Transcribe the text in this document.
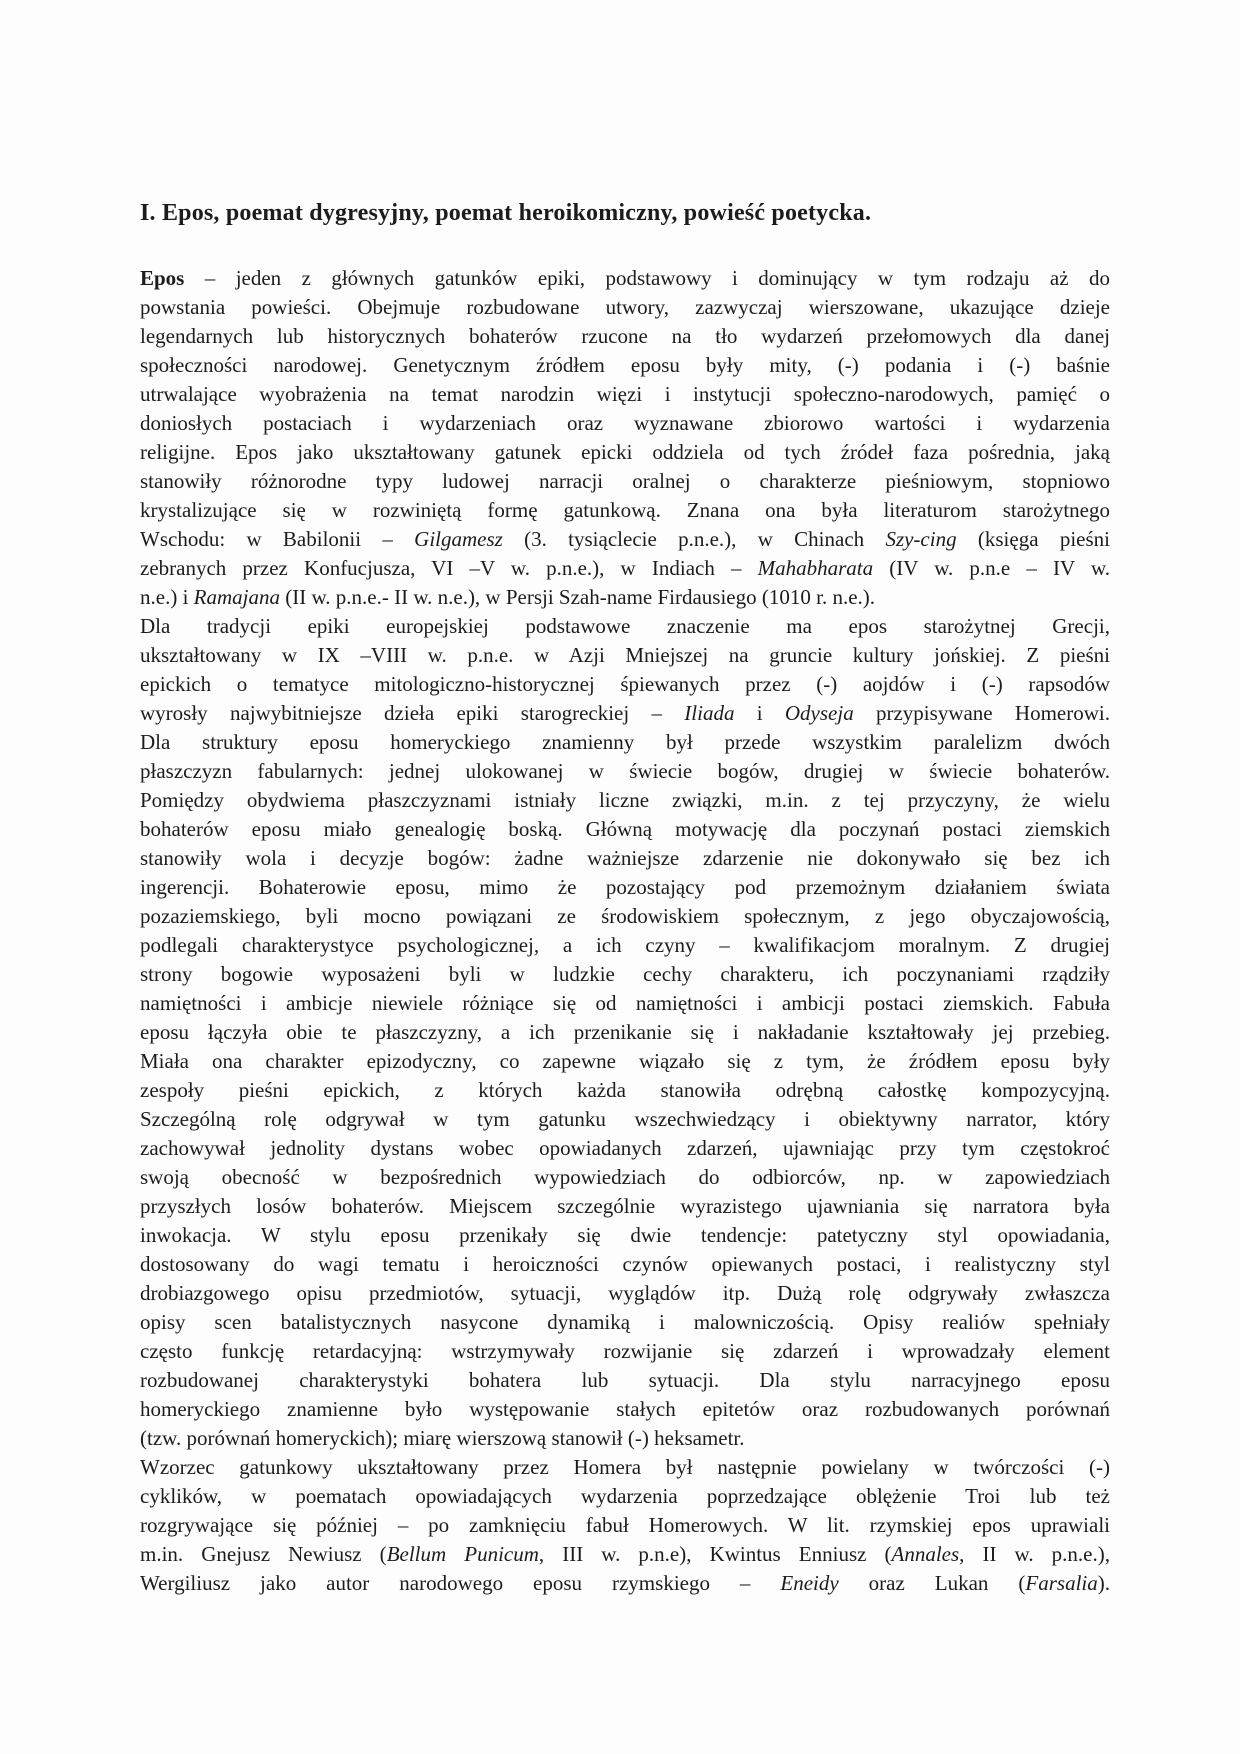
I. Epos, poemat dygresyjny, poemat heroikomiczny, powieść poetycka.
Epos – jeden z głównych gatunków epiki, podstawowy i dominujący w tym rodzaju aż do
powstania powieści. Obejmuje rozbudowane utwory, zazwyczaj wierszowane, ukazujące dzieje
legendarnych lub historycznych bohaterów rzucone na tło wydarzeń przełomowych dla danej
społeczności narodowej. Genetycznym źródłem eposu były mity, (-) podania i (-) baśnie
utrwalające wyobrażenia na temat narodzin więzi i instytucji społeczno-narodowych, pamięć o
doniosłych postaciach i wydarzeniach oraz wyznawane zbiorowo wartości i wydarzenia
religijne. Epos jako ukształtowany gatunek epicki oddziela od tych źródeł faza pośrednia, jaką
stanowiły różnorodne typy ludowej narracji oralnej o charakterze pieśniowym, stopniowo
krystalizujące się w rozwiniętą formę gatunkową. Znana ona była literaturom starożytnego
Wschodu: w Babilonii – Gilgamesz (3. tysiąclecie p.n.e.), w Chinach Szy-cing (księga pieśni
zebranych przez Konfucjusza, VI –V w. p.n.e.), w Indiach – Mahabharata (IV w. p.n.e – IV w.
n.e.) i Ramajana (II w. p.n.e.- II w. n.e.), w Persji Szah-name Firdausiego (1010 r. n.e.).
Dla tradycji epiki europejskiej podstawowe znaczenie ma epos starożytnej Grecji,
ukształtowany w IX –VIII w. p.n.e. w Azji Mniejszej na gruncie kultury jońskiej. Z pieśni
epickich o tematyce mitologiczno-historycznej śpiewanych przez (-) aojdów i (-) rapsodów
wyrosły najwybitniejsze dzieła epiki starogreckiej – Iliada i Odyseja przypisywane Homerowi.
Dla struktury eposu homeryckiego znamienny był przede wszystkim paralelizm dwóch
płaszczyzn fabularnych: jednej ulokowanej w świecie bogów, drugiej w świecie bohaterów.
Pomiędzy obydwiema płaszczyznami istniały liczne związki, m.in. z tej przyczyny, że wielu
bohaterów eposu miało genealogię boską. Główną motywację dla poczynań postaci ziemskich
stanowiły wola i decyzje bogów: żadne ważniejsze zdarzenie nie dokonywało się bez ich
ingerencji. Bohaterowie eposu, mimo że pozostający pod przemożnym działaniem świata
pozaziemskiego, byli mocno powiązani ze środowiskiem społecznym, z jego obyczajowością,
podlegali charakterystyce psychologicznej, a ich czyny – kwalifikacjom moralnym. Z drugiej
strony bogowie wyposażeni byli w ludzkie cechy charakteru, ich poczynaniami rządziły
namiętności i ambicje niewiele różniące się od namiętności i ambicji postaci ziemskich. Fabuła
eposu łączyła obie te płaszczyzny, a ich przenikanie się i nakładanie kształtowały jej przebieg.
Miała ona charakter epizodyczny, co zapewne wiązało się z tym, że źródłem eposu były
zespoły pieśni epickich, z których każda stanowiła odrębną całostkę kompozycyjną.
Szczególną rolę odgrywał w tym gatunku wszechwiedzący i obiektywny narrator, który
zachowywał jednolity dystans wobec opowiadanych zdarzeń, ujawniając przy tym częstokroć
swoją obecność w bezpośrednich wypowiedziach do odbiorców, np. w zapowiedziach
przyszłych losów bohaterów. Miejscem szczególnie wyrazistego ujawniania się narratora była
inwokacja. W stylu eposu przenikały się dwie tendencje: patetyczny styl opowiadania,
dostosowany do wagi tematu i heroiczności czynów opiewanych postaci, i realistyczny styl
drobiazgowego opisu przedmiotów, sytuacji, wyglądów itp. Dużą rolę odgrywały zwłaszcza
opisy scen batalistycznych nasycone dynamiką i malowniczością. Opisy realiów spełniały
często funkcję retardacyjną: wstrzymywały rozwijanie się zdarzeń i wprowadzały element
rozbudowanej charakterystyki bohatera lub sytuacji. Dla stylu narracyjnego eposu
homeryckiego znamienne było występowanie stałych epitetów oraz rozbudowanych porównań
(tzw. porównań homeryckich); miarę wierszową stanowił (-) heksametr.
Wzorzec gatunkowy ukształtowany przez Homera był następnie powielany w twórczości (-)
cyklików, w poematach opowiadających wydarzenia poprzedzające oblężenie Troi lub też
rozgrywające się później – po zamknięciu fabuł Homerowych. W lit. rzymskiej epos uprawiali
m.in. Gnejusz Newiusz (Bellum Punicum, III w. p.n.e), Kwintus Enniusz (Annales, II w. p.n.e.),
Wergiliusz jako autor narodowego eposu rzymskiego – Eneidy oraz Lukan (Farsalia).
